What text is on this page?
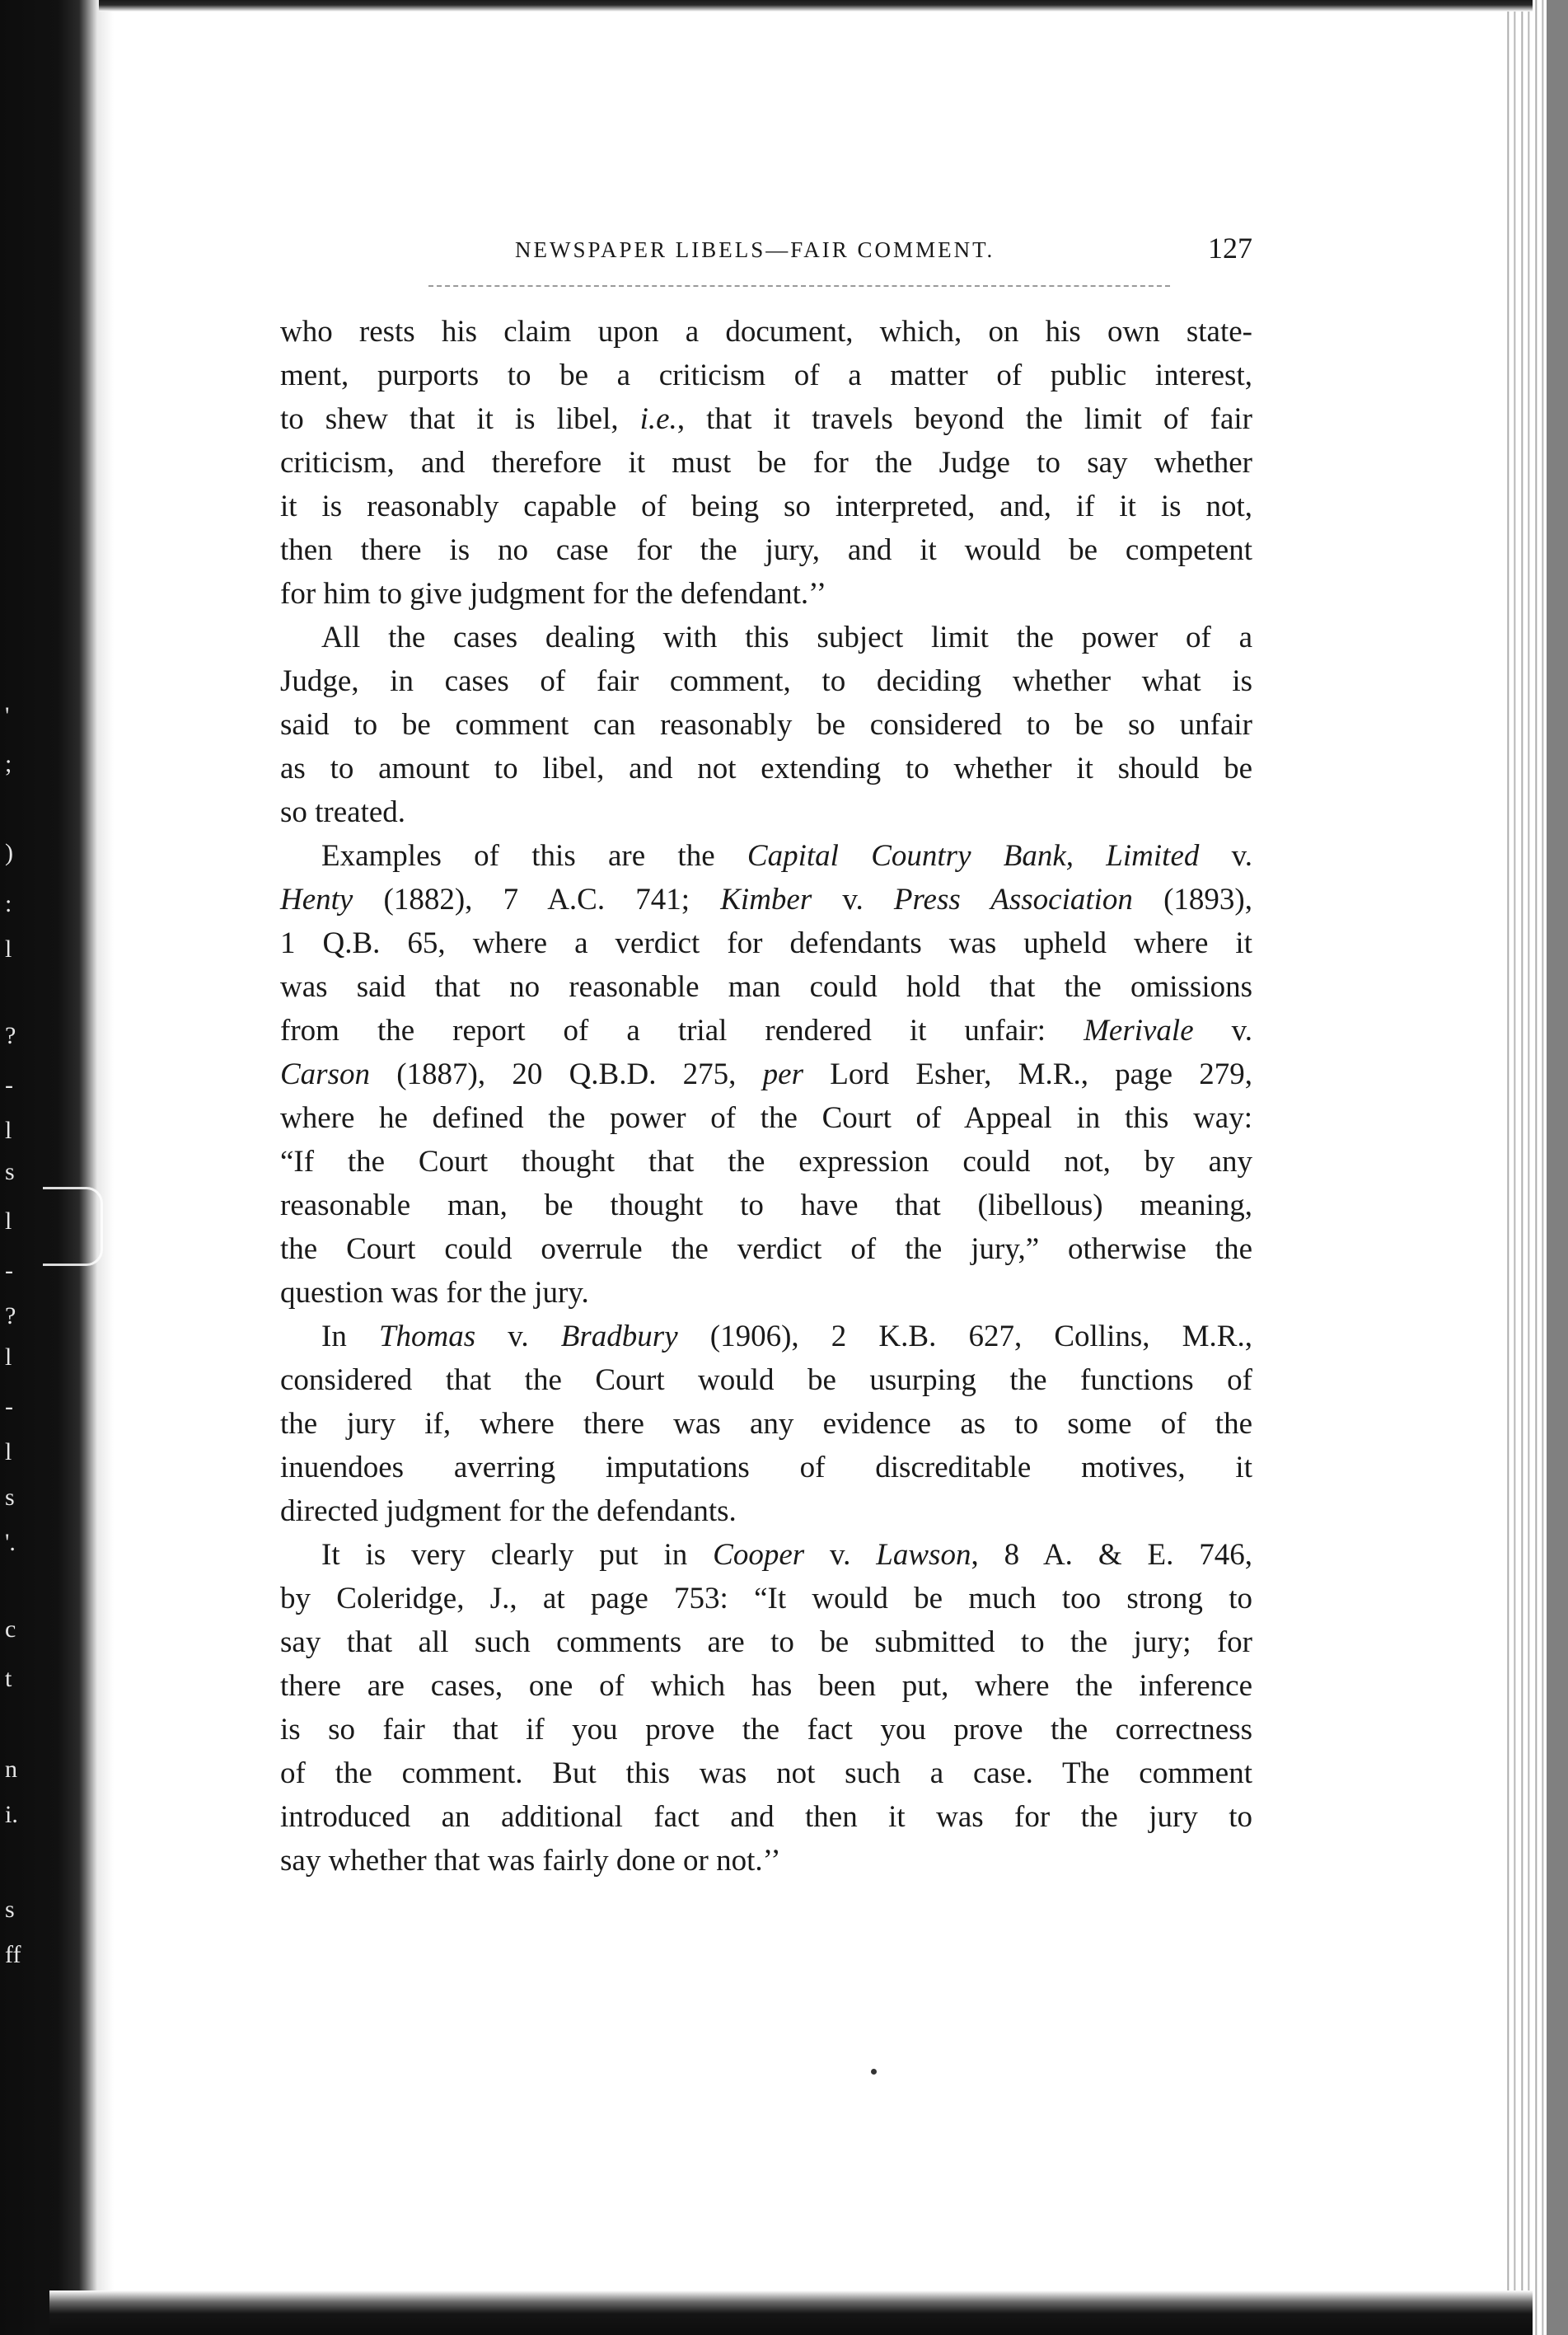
'
;
)
:
l
?
-
l
s
l
-
?
l
-
l
s
'.
c
t
n
i.
s
ff
NEWSPAPER LIBELS—FAIR COMMENT.	127

who rests his claim upon a document, which, on his own state-
ment, purports to be a criticism of a matter of public interest,
to shew that it is libel, i.e., that it travels beyond the limit of fair
criticism, and therefore it must be for the Judge to say whether
it is reasonably capable of being so interpreted, and, if it is not,
then there is no case for the jury, and it would be competent
for him to give judgment for the defendant.’’

All the cases dealing with this subject limit the power of a
Judge, in cases of fair comment, to deciding whether what is
said to be comment can reasonably be considered to be so unfair
as to amount to libel, and not extending to whether it should be
so treated.

Examples of this are the Capital Country Bank, Limited v.
Henty (1882), 7 A.C. 741; Kimber v. Press Association (1893),
1 Q.B. 65, where a verdict for defendants was upheld where it
was said that no reasonable man could hold that the omissions
from the report of a trial rendered it unfair: Merivale v.
Carson (1887), 20 Q.B.D. 275, per Lord Esher, M.R., page 279,
where he defined the power of the Court of Appeal in this way:
“If the Court thought that the expression could not, by any
reasonable man, be thought to have that (libellous) meaning,
the Court could overrule the verdict of the jury,” otherwise the
question was for the jury.

In Thomas v. Bradbury (1906), 2 K.B. 627, Collins, M.R.,
considered that the Court would be usurping the functions of
the jury if, where there was any evidence as to some of the
inuendoes averring imputations of discreditable motives, it
directed judgment for the defendants.

It is very clearly put in Cooper v. Lawson, 8 A. & E. 746,
by Coleridge, J., at page 753: “It would be much too strong to
say that all such comments are to be submitted to the jury; for
there are cases, one of which has been put, where the inference
is so fair that if you prove the fact you prove the correctness
of the comment. But this was not such a case. The comment
introduced an additional fact and then it was for the jury to
say whether that was fairly done or not.’’
